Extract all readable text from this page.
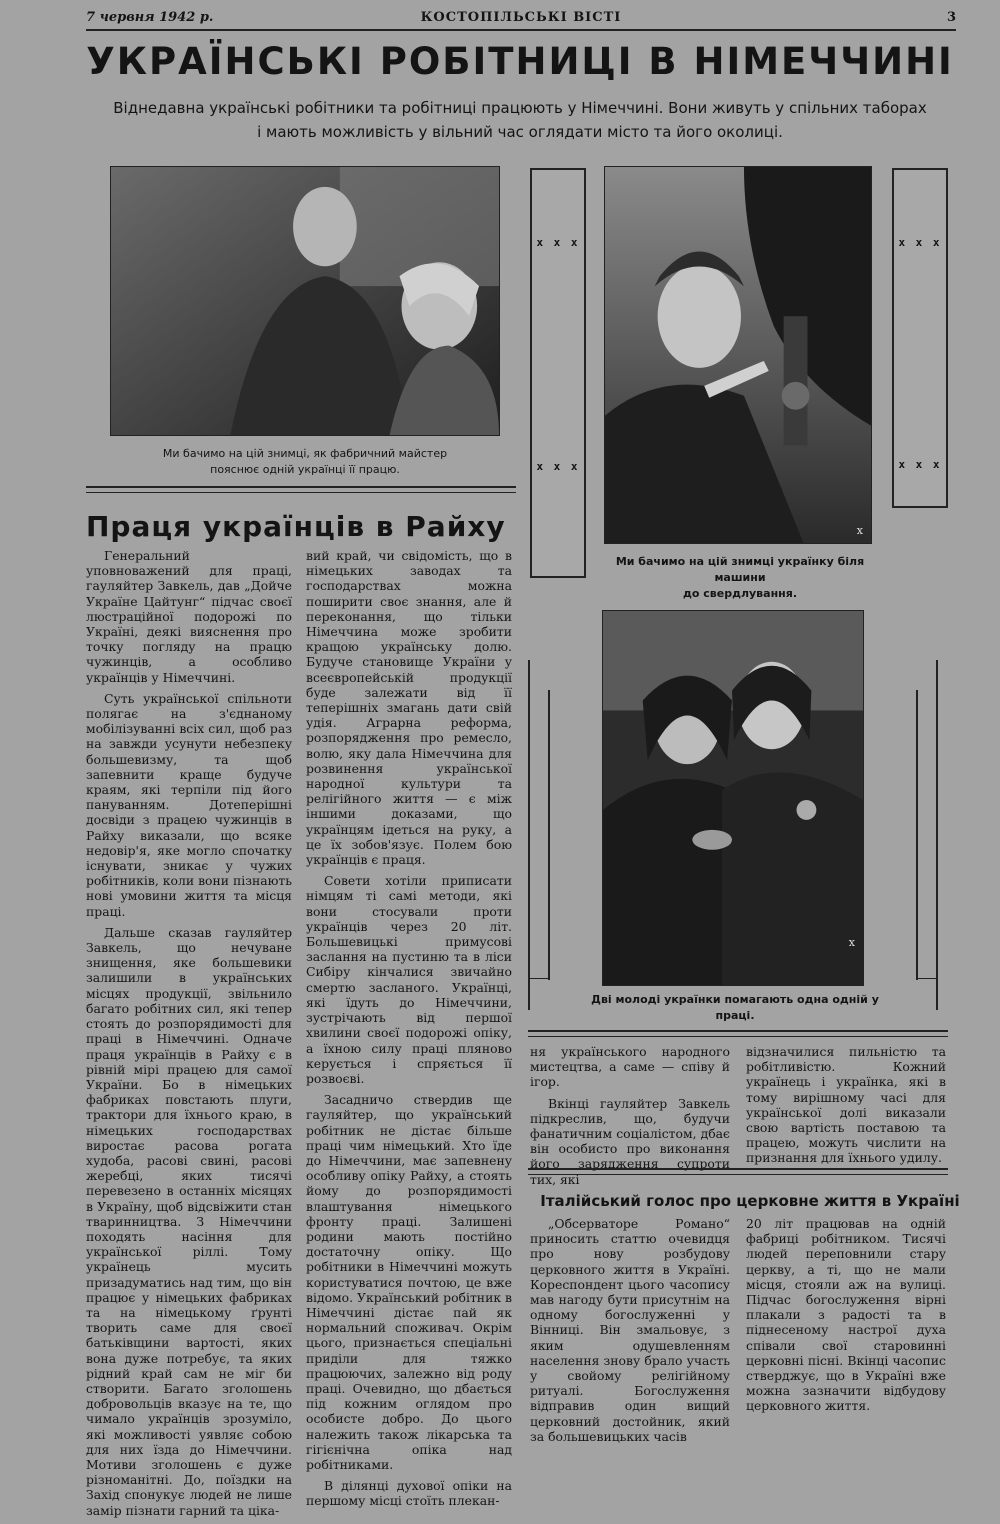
7 червня 1942 р.	КОСТОПІЛЬСЬКІ ВІСТІ	3
УКРАЇНСЬКІ РОБІТНИЦІ В НІМЕЧЧИНІ
Віднедавна українські робітники та робітниці працюють у Німеччині. Вони живуть у спільних таборах
і мають можливість у вільний час оглядати місто та його околиці.
Ми бачимо на цій знимці, як фабричний майстер
пояснює одній українці її працю.
x x x
x x x
х
Ми бачимо на цій знимці українку біля машини
до свердлування.
x x x
x x x
х
Дві молоді українки помагають одна одній у праці.
Праця українців в Райху

Генеральний уповноважений для праці, гауляйтер Завкель, дав „Дойче Україне Цайтунг“ підчас своєї люстраційної подорожі по Україні, деякі вияснення про точку погляду на працю чужинців, а особливо українців у Німеччині.

Суть української спільноти полягає на з'єднаному мобілізуванні всіх сил, щоб раз на завжди усунути небезпеку большевизму, та щоб запевнити краще будуче краям, які терпіли під його пануванням. Дотеперішні досвіди з працею чужинців в Райху виказали, що всяке недовір'я, яке могло спочатку існувати, зникає у чужих робітників, коли вони пізнають нові умовини життя та місця праці.

Дальше сказав гауляйтер Завкель, що нечуване знищення, яке большевики залишили в українських місцях продукції, звільнило багато робітних сил, які тепер стоять до розпорядимості для праці в Німеччині. Одначе праця українців в Райху є в рівній мірі працею для самої України. Бо в німецьких фабриках повстають плуги, трактори для їхнього краю, в німецьких господарствах виростає расова рогата худоба, расові свині, расові жеребці, яких тисячі перевезено в останніх місяцях в Україну, щоб відсвіжити стан тваринництва. З Німеччини походять насіння для української ріллі. Тому українець мусить призадуматись над тим, що він працює у німецьких фабриках та на німецькому ґрунті творить саме для своєї батьківщини вартості, яких вона дуже потребує, та яких рідний край сам не міг би створити. Багато зголошень добровольців вказує на те, що чимало українців зрозуміло, які можливості уявляє собою для них їзда до Німеччини. Мотиви зголошень є дуже різноманітні. До, поїздки на Захід спонукує людей не лише замір пізнати гарний та ціка-

вий край, чи свідомість, що в німецьких заводах та господарствах можна поширити своє знання, але й переконання, що тільки Німеччина може зробити кращою українську долю. Будуче становище України у всеєвропейській продукції буде залежати від її теперішніх змагань дати свій удія. Аграрна реформа, розпорядження про ремесло, волю, яку дала Німеччина для розвинення української народної культури та релігійного життя — є між іншими доказами, що українцям ідеться на руку, а це їх зобов'язує. Полем бою українців є праця.

Совети хотіли приписати німцям ті самі методи, які вони стосували проти українців через 20 літ. Большевицькі примусові заслання на пустиню та в ліси Сибіру кінчалися звичайно смертю засланого. Українці, які їдуть до Німеччини, зустрічають від першої хвилини своєї подорожі опіку, а їхною силу праці пляново керується і спряється її розвоєві.

Засадничо ствердив ще гауляйтер, що український робітник не дістає більше праці чим німецький. Хто їде до Німеччини, має запевнену особливу опіку Райху, а стоять йому до розпорядимості влаштування німецького фронту праці. Залишені родини мають постійно достаточну опіку. Що робітники в Німеччині можуть користуватися почтою, це вже відомо. Український робітник в Німеччині дістає пай як нормальний споживач. Окрім цього, признається спеціальні приділи для тяжко працюючих, залежно від роду праці. Очевидно, що дбається під кожним оглядом про особисте добро. До цього належить також лікарська та гігієнічна опіка над робітниками.

В ділянці духової опіки на першому місці стоїть плекан-

ня українського народного мистецтва, а саме — співу й ігор.

Вкінці гауляйтер Завкель підкреслив, що, будучи фанатичним соціалістом, дбає він особисто про виконання його зарядження супроти тих, які

відзначилися пильністю та робітливістю. Кожний українець і українка, які в тому вирішному часі для української долі виказали свою вартість поставою та працею, можуть числити на признання для їхнього удилу.

Італійський голос про церковне життя в Україні

„Обсерваторе Романо“ приносить статтю очевидця про нову розбудову церковного життя в Україні. Кореспондент цього часопису мав нагоду бути присутнім на одному богослуженні у Вінниці. Він змальовує, з яким одушевленням населення знову брало участь у свойому релігійному ритуалі. Богослуження відправив один вищий церковний достойник, який за большевицьких часів

20 літ працював на одній фабриці робітником. Тисячі людей переповнили стару церкву, а ті, що не мали місця, стояли аж на вулиці. Підчас богослуження вірні плакали з радості та в піднесеному настрої духа співали свої старовинні церковні пісні. Вкінці часопис стверджує, що в Україні вже можна зазначити відбудову церковного життя.
